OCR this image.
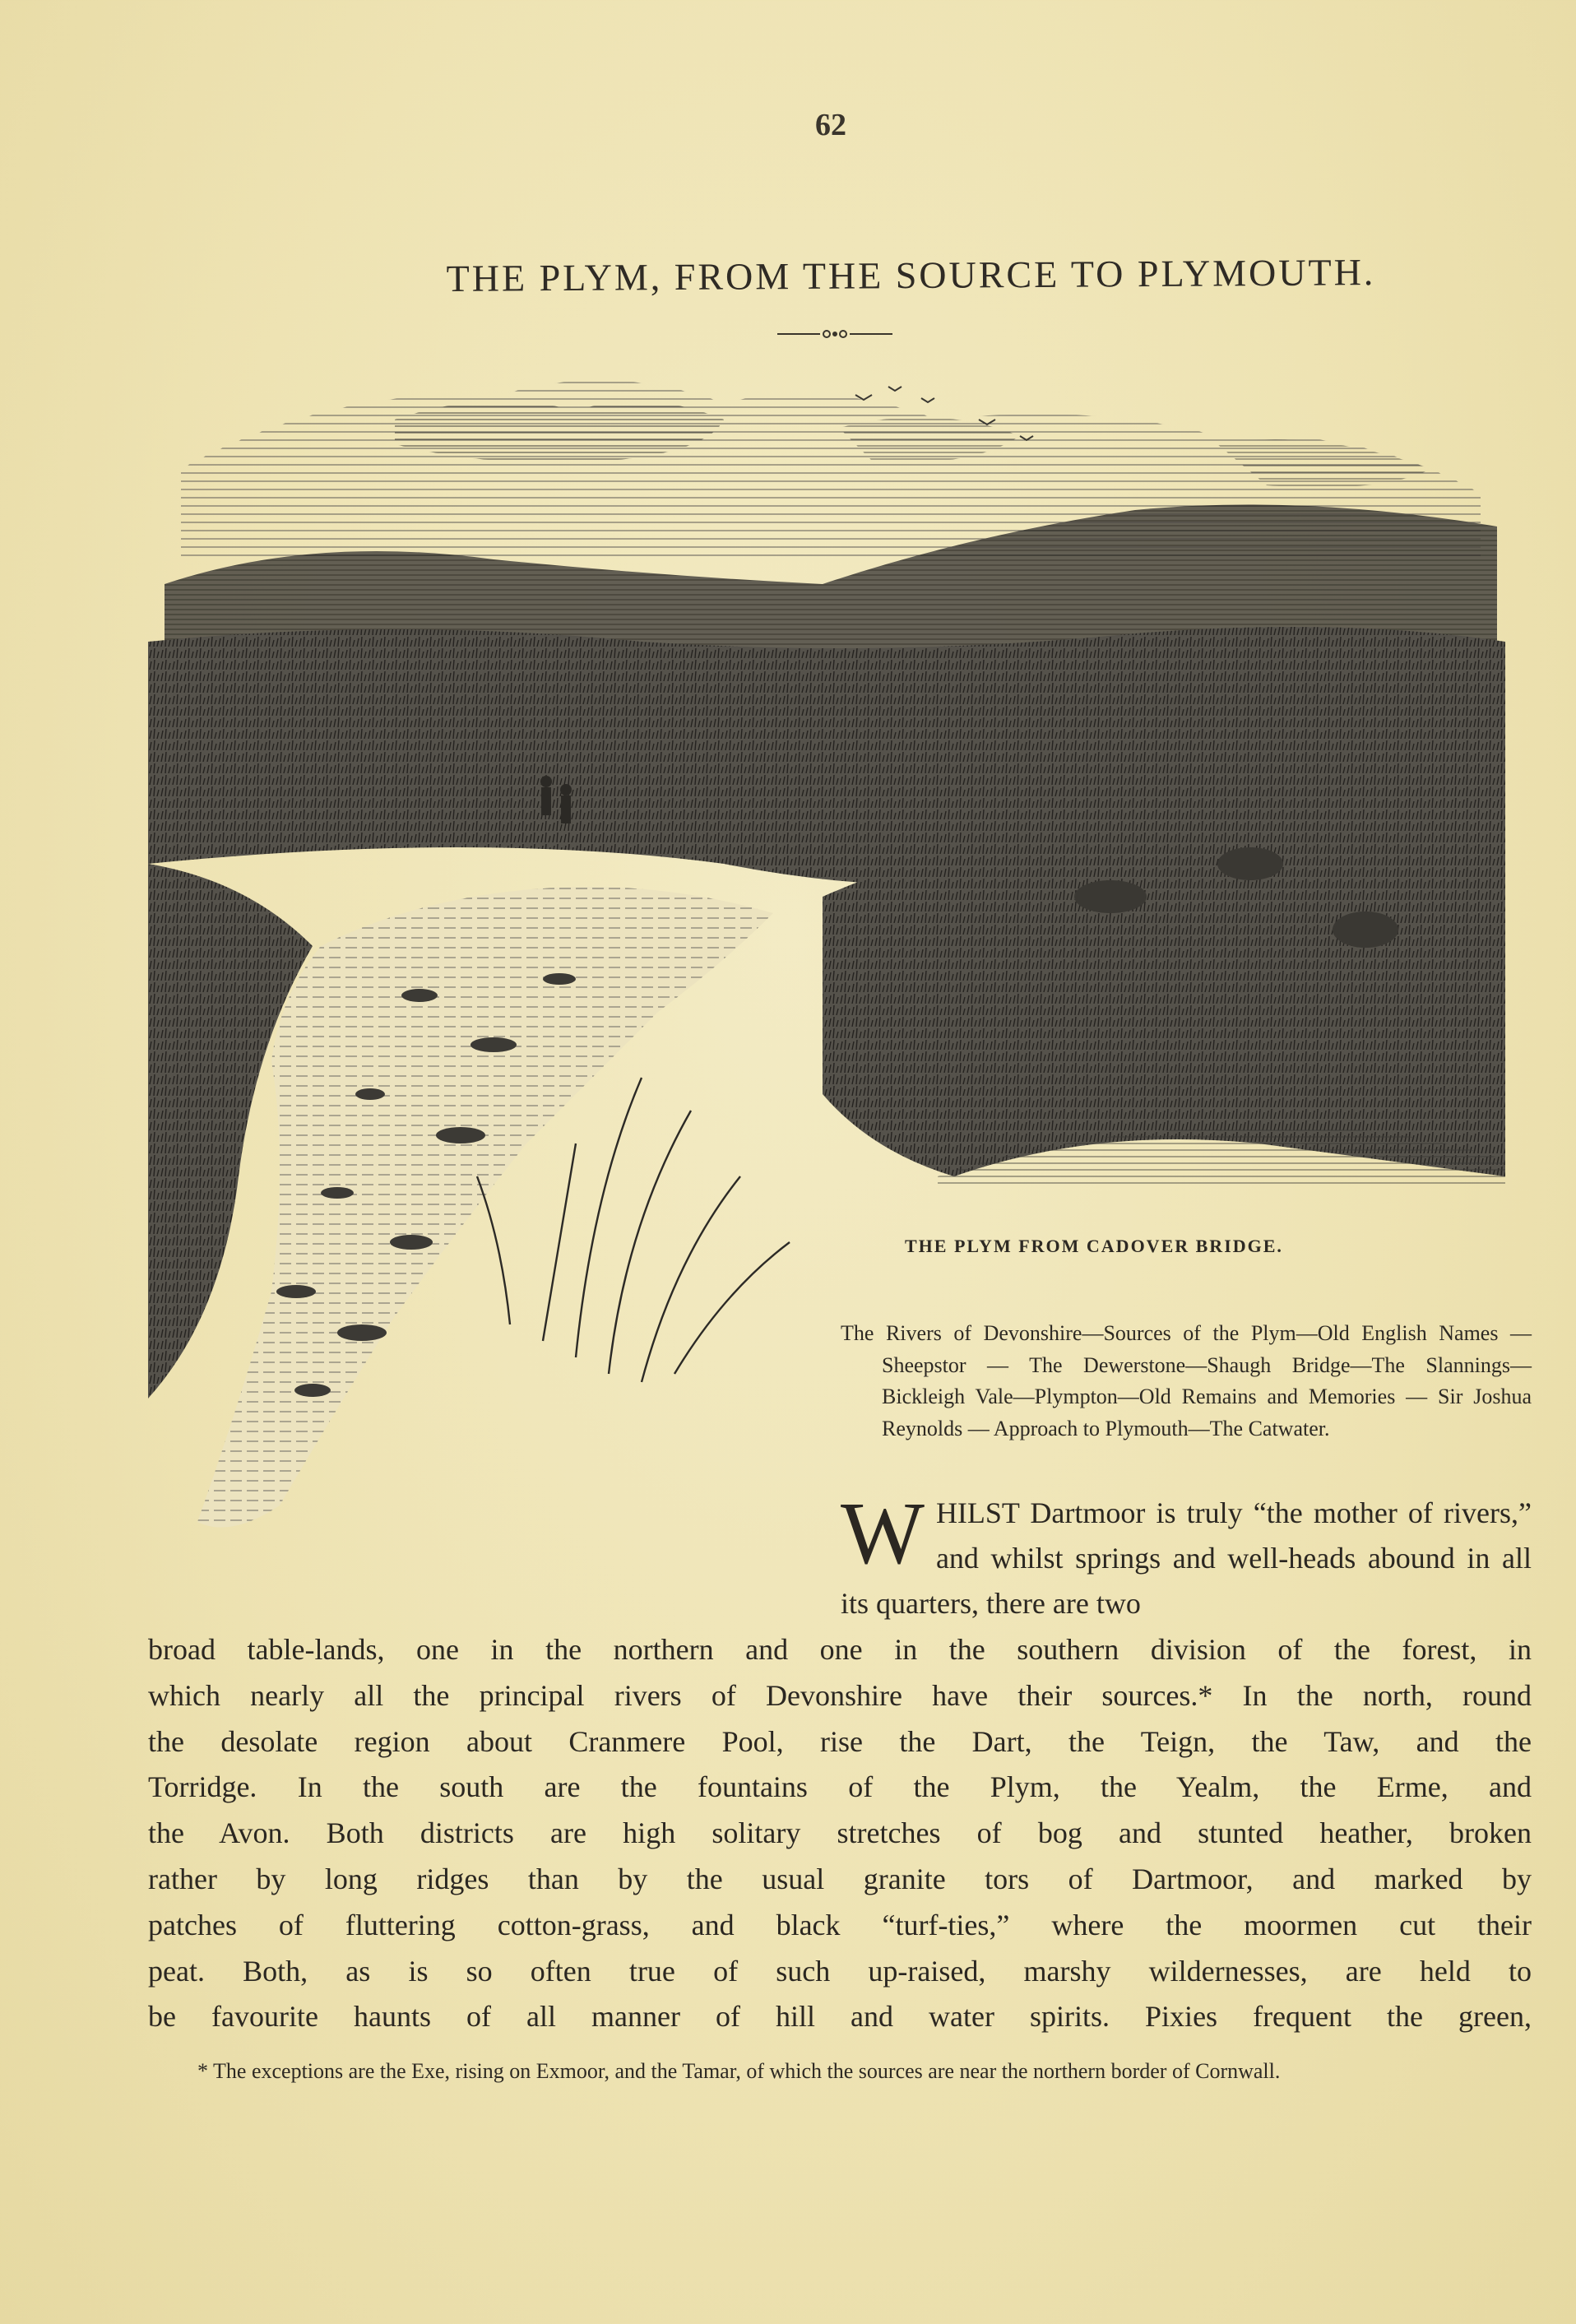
62
THE PLYM, FROM THE SOURCE TO PLYMOUTH.
THE PLYM FROM CADOVER BRIDGE.
The Rivers of Devonshire—Sources of the Plym—Old English Names — Sheepstor — The Dewerstone—Shaugh Bridge—The Slannings—Bickleigh Vale—Plympton—Old Remains and Memories — Sir Joshua Reynolds — Approach to Plymouth—The Catwater.
WHILST Dartmoor is truly “the mother of rivers,” and whilst springs and well-heads abound in all its quarters, there are two
broad table-lands, one in the northern and one in the southern division of the forest, in
which nearly all the principal rivers of Devonshire have their sources.* In the north, round
the desolate region about Cranmere Pool, rise the Dart, the Teign, the Taw, and the
Torridge. In the south are the fountains of the Plym, the Yealm, the Erme, and
the Avon. Both districts are high solitary stretches of bog and stunted heather, broken
rather by long ridges than by the usual granite tors of Dartmoor, and marked by
patches of fluttering cotton-grass, and black “turf-ties,” where the moormen cut their
peat. Both, as is so often true of such up-raised, marshy wildernesses, are held to
be favourite haunts of all manner of hill and water spirits. Pixies frequent the green,
* The exceptions are the Exe, rising on Exmoor, and the Tamar, of which the sources are near the northern border of Cornwall.
